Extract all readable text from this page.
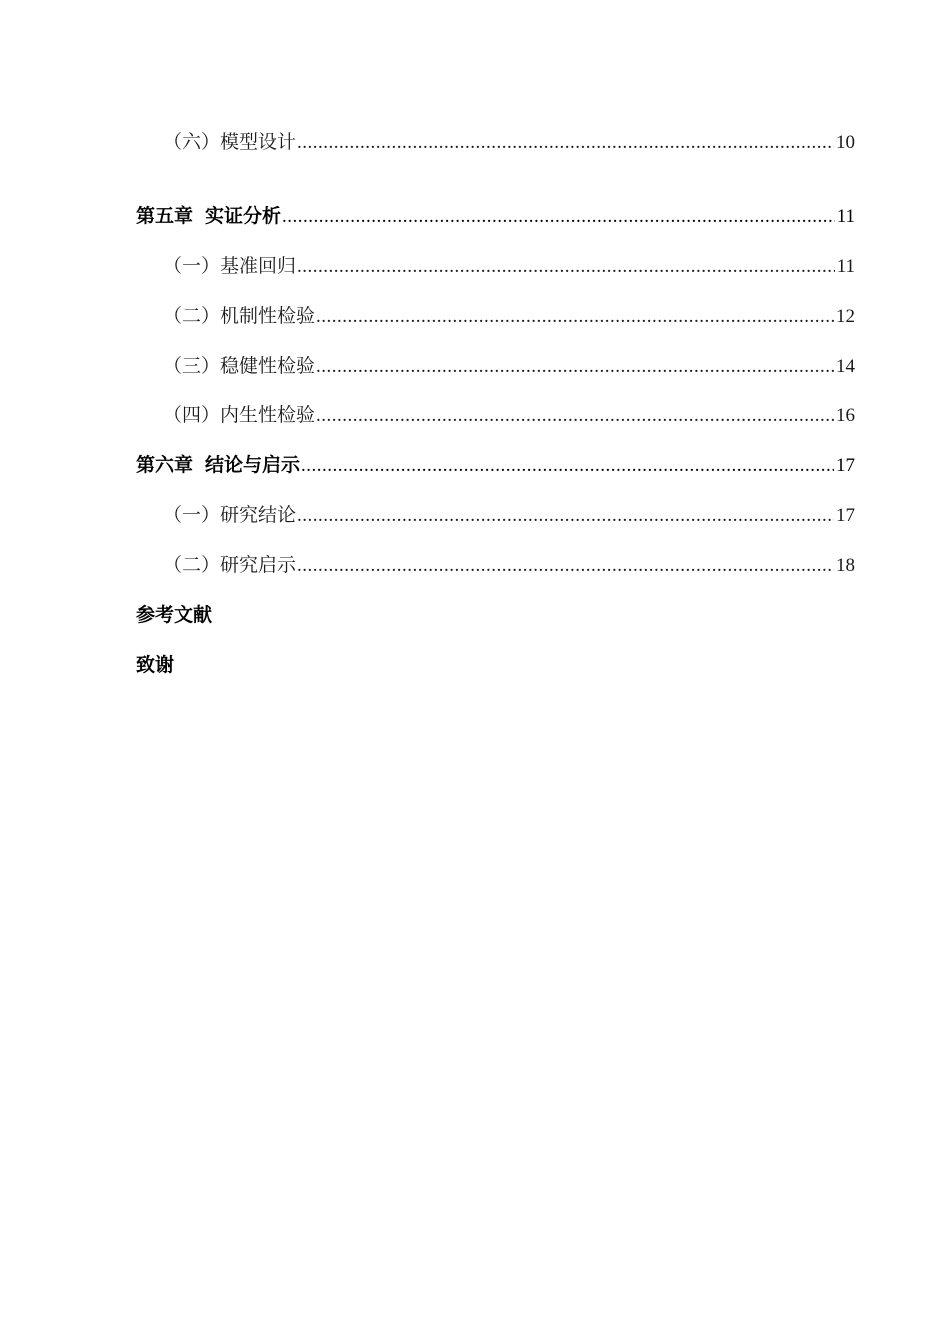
（六）模型设计 .....	10
第五章 实证分析 .....	11
（一）基准回归 .....	11
（二）机制性检验 .....	12
（三）稳健性检验 .....	14
（四）内生性检验 .....	16
第六章 结论与启示 .....	17
（一）研究结论 .....	17
（二）研究启示 .....	18
参考文献
致谢
